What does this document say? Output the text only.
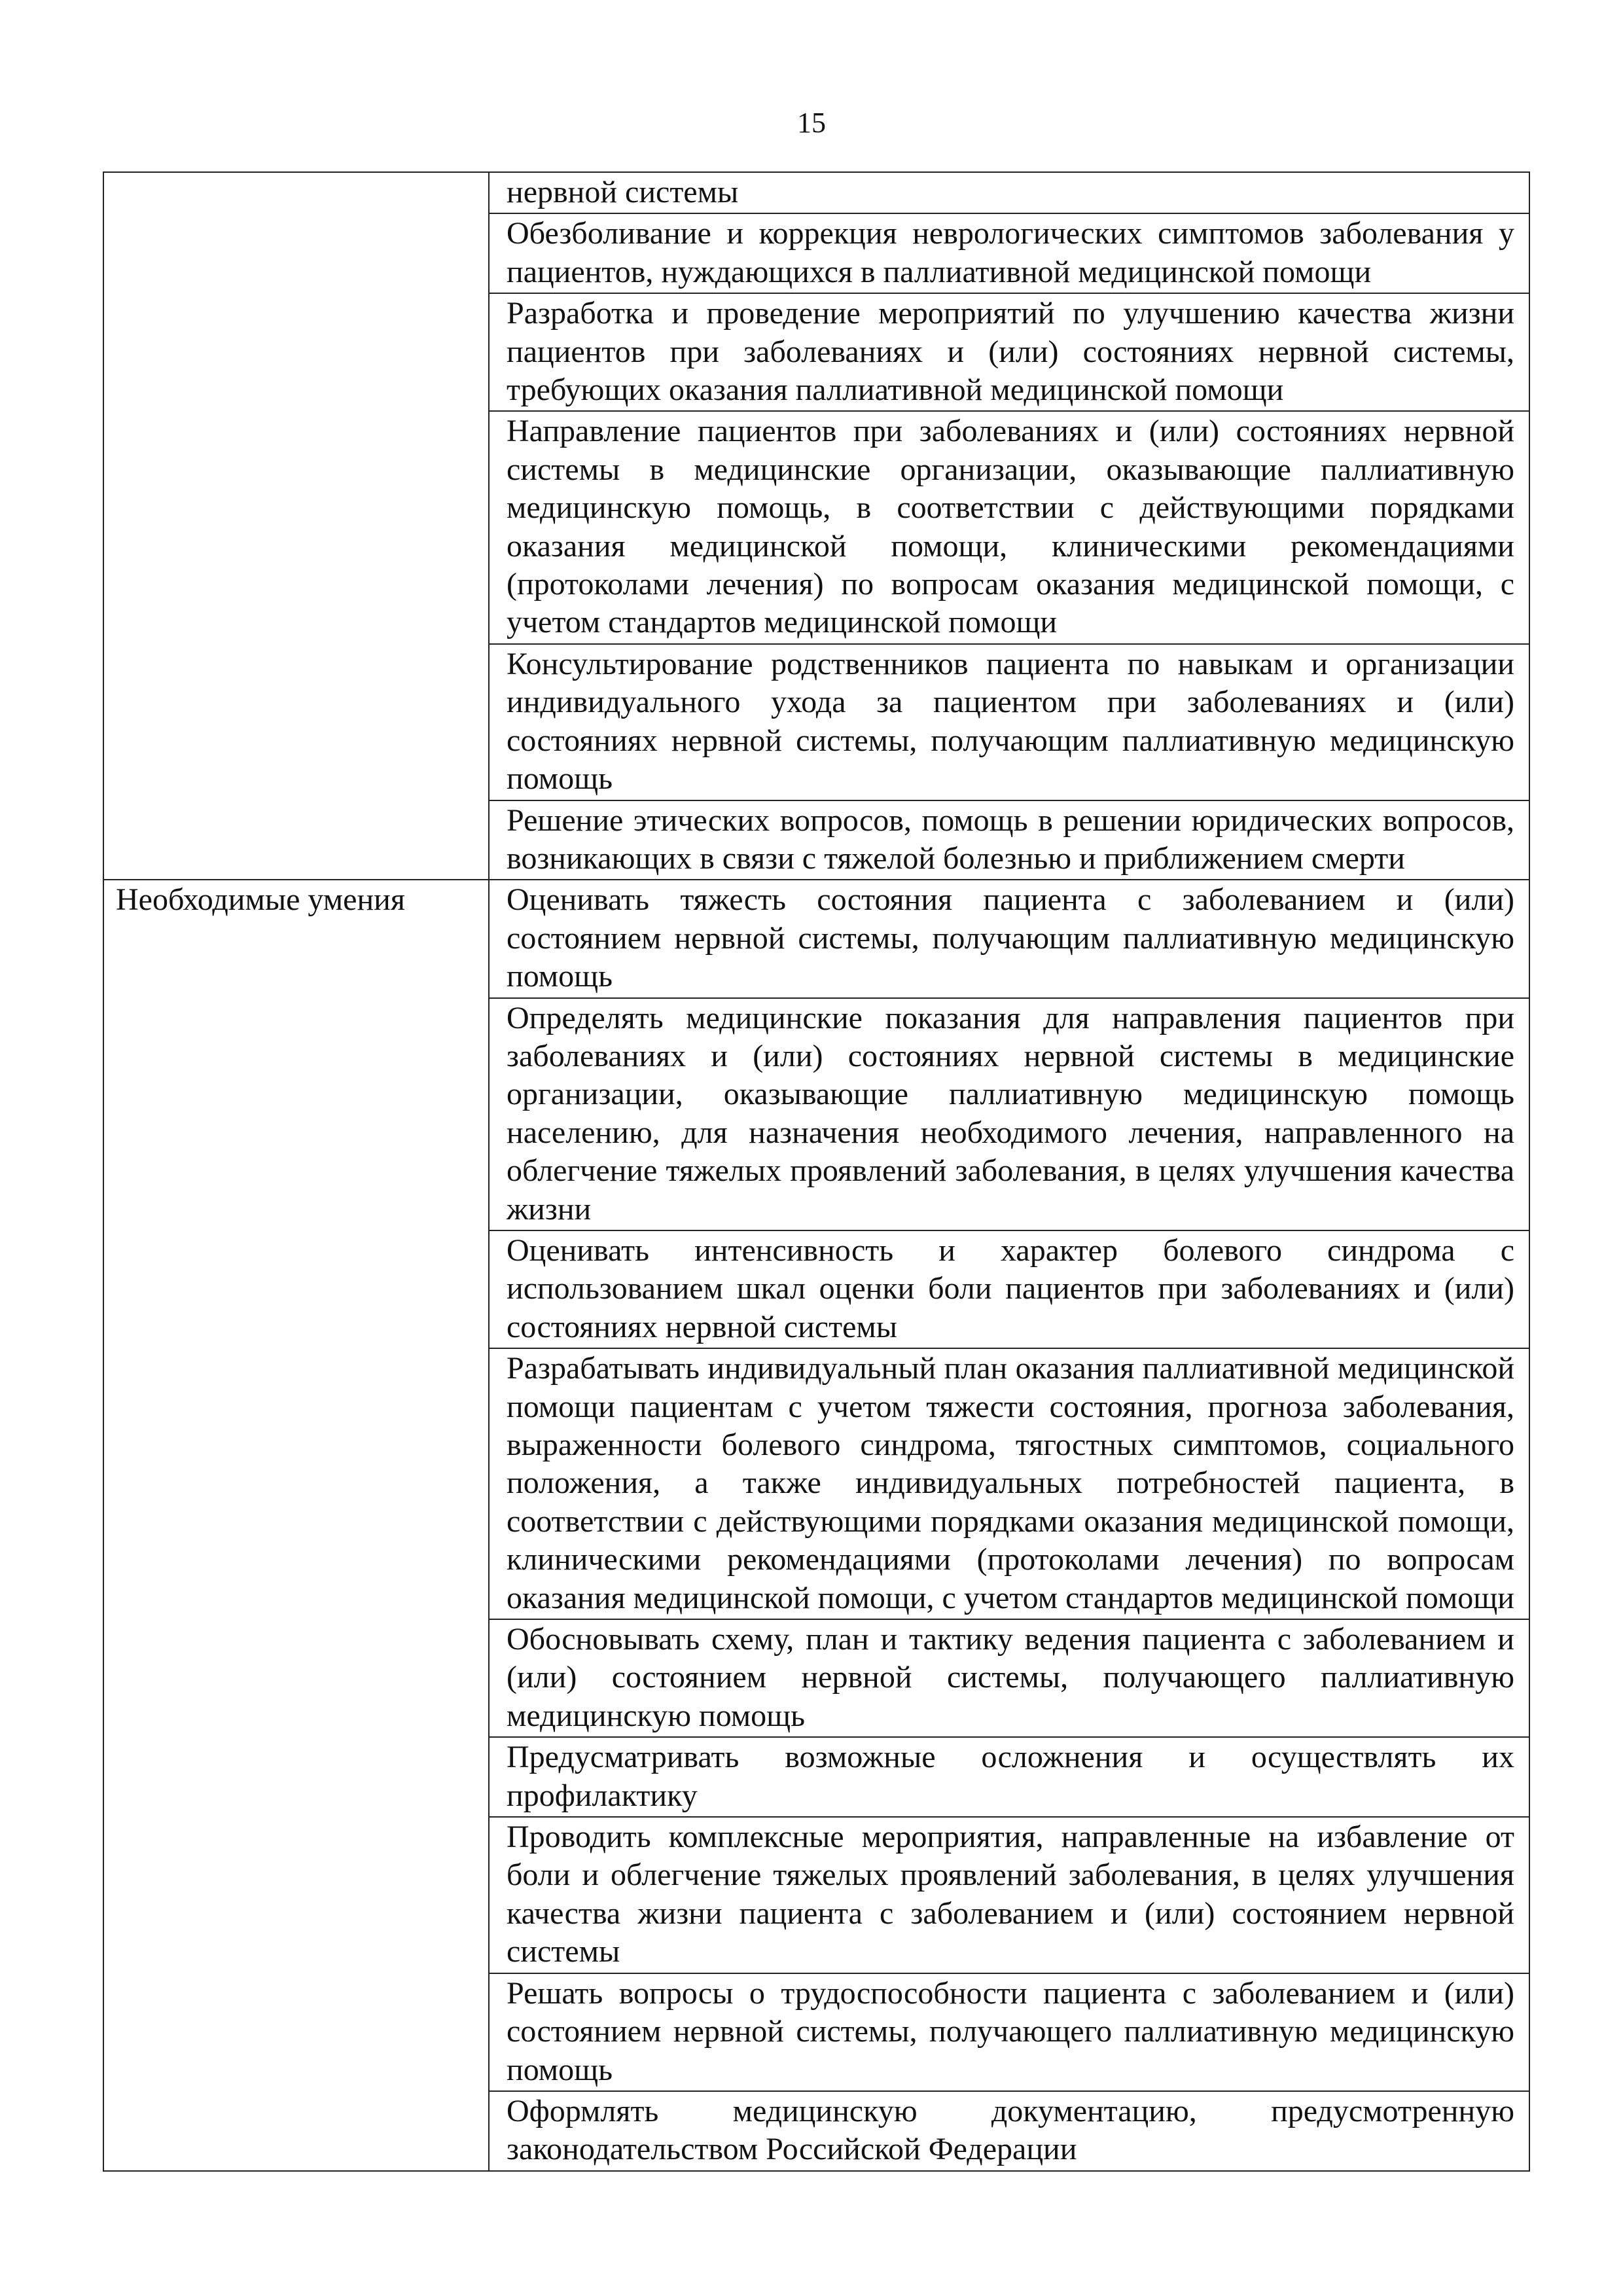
15
	нервной системы
	Обезболивание и коррекция неврологических симптомов заболевания у пациентов, нуждающихся в паллиативной медицинской помощи
	Разработка и проведение мероприятий по улучшению качества жизни пациентов при заболеваниях и (или) состояниях нервной системы, требующих оказания паллиативной медицинской помощи
	Направление пациентов при заболеваниях и (или) состояниях нервной системы в медицинские организации, оказывающие паллиативную медицинскую помощь, в соответствии с действующими порядками оказания медицинской помощи, клиническими рекомендациями (протоколами лечения) по вопросам оказания медицинской помощи, с учетом стандартов медицинской помощи
	Консультирование родственников пациента по навыкам и организации индивидуального ухода за пациентом при заболеваниях и (или) состояниях нервной системы, получающим паллиативную медицинскую помощь
	Решение этических вопросов, помощь в решении юридических вопросов, возникающих в связи с тяжелой болезнью и приближением смерти
Необходимые умения	Оценивать тяжесть состояния пациента с заболеванием и (или) состоянием нервной системы, получающим паллиативную медицинскую помощь
	Определять медицинские показания для направления пациентов при заболеваниях и (или) состояниях нервной системы в медицинские организации, оказывающие паллиативную медицинскую помощь населению, для назначения необходимого лечения, направленного на облегчение тяжелых проявлений заболевания, в целях улучшения качества жизни
	Оценивать интенсивность и характер болевого синдрома с использованием шкал оценки боли пациентов при заболеваниях и (или) состояниях нервной системы
	Разрабатывать индивидуальный план оказания паллиативной медицинской помощи пациентам с учетом тяжести состояния, прогноза заболевания, выраженности болевого синдрома, тягостных симптомов, социального положения, а также индивидуальных потребностей пациента, в соответствии с действующими порядками оказания медицинской помощи, клиническими рекомендациями (протоколами лечения) по вопросам оказания медицинской помощи, с учетом стандартов медицинской помощи
	Обосновывать схему, план и тактику ведения пациента с заболеванием и (или) состоянием нервной системы, получающего паллиативную медицинскую помощь
	Предусматривать возможные осложнения и осуществлять их профилактику
	Проводить комплексные мероприятия, направленные на избавление от боли и облегчение тяжелых проявлений заболевания, в целях улучшения качества жизни пациента с заболеванием и (или) состоянием нервной системы
	Решать вопросы о трудоспособности пациента с заболеванием и (или) состоянием нервной системы, получающего паллиативную медицинскую помощь
	Оформлять медицинскую документацию, предусмотренную законодательством Российской Федерации
